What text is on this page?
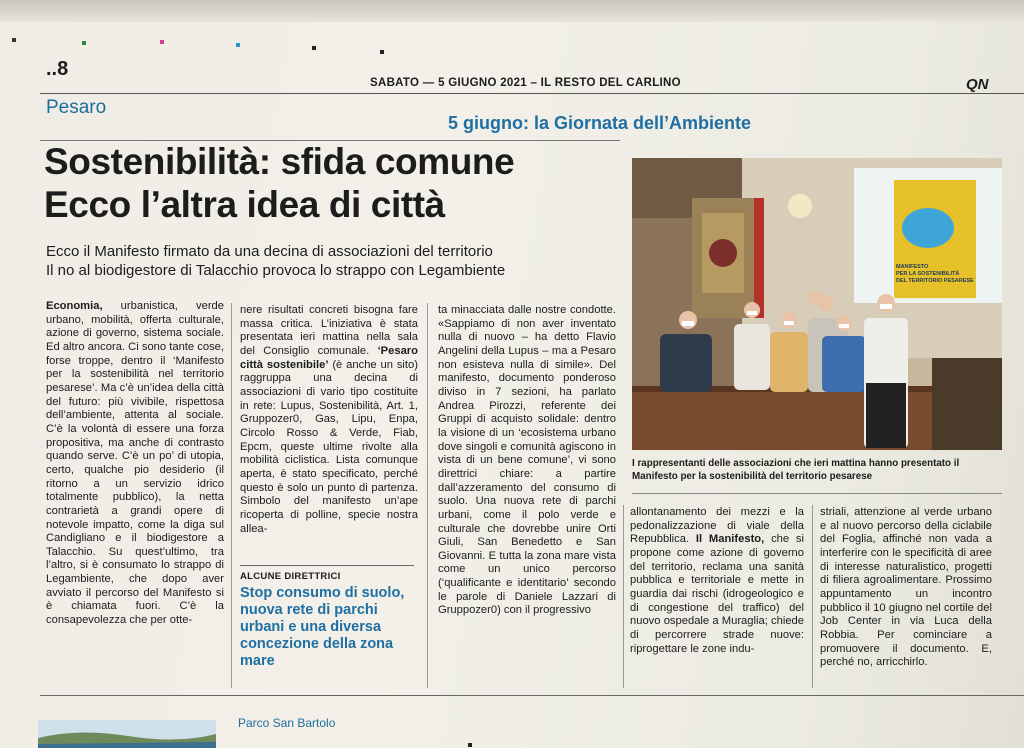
..8
SABATO — 5 GIUGNO 2021 – IL RESTO DEL CARLINO	QN
Pesaro
5 giugno: la Giornata dell’Ambiente
Sostenibilità: sfida comune
Ecco l’altra idea di città
Ecco il Manifesto firmato da una decina di associazioni del territorio
Il no al biodigestore di Talacchio provoca lo strappo con Legambiente

Economia, urbanistica, verde urbano, mobilità, offerta culturale, azione di governo, sistema sociale. Ed altro ancora. Ci sono tante cose, forse troppe, dentro il ‘Manifesto per la sostenibilità nel territorio pesarese’. Ma c’è un’idea della città del futuro: più vivibile, rispettosa dell’ambiente, attenta al sociale. C’è la volontà di essere una forza propositiva, ma anche di contrasto quando serve. C’è un po’ di utopia, certo, qualche pio desiderio (il ritorno a un servizio idrico totalmente pubblico), la netta contrarietà a grandi opere di notevole impatto, come la diga sul Candigliano e il biodigestore a Talacchio. Su quest’ultimo, tra l’altro, si è consumato lo strappo di Legambiente, che dopo aver avviato il percorso del Manifesto si è chiamata fuori. C’è la consapevolezza che per otte-

nere risultati concreti bisogna fare massa critica. L’iniziativa è stata presentata ieri mattina nella sala del Consiglio comunale. ‘Pesaro città sostenibile’ (è anche un sito) raggruppa una decina di associazioni di vario tipo costituite in rete: Lupus, Sostenibilità, Art. 1, Gruppozer0, Gas, Lipu, Enpa, Circolo Rosso & Verde, Fiab, Epcm, queste ultime rivolte alla mobilità ciclistica. Lista comunque aperta, è stato specificato, perché questo è solo un punto di partenza. Simbolo del manifesto un’ape ricoperta di polline, specie nostra allea-

ALCUNE DIRETTRICI
Stop consumo di suolo, nuova rete di parchi urbani e una diversa concezione della zona mare

ta minacciata dalle nostre condotte. «Sappiamo di non aver inventato nulla di nuovo – ha detto Flavio Angelini della Lupus – ma a Pesaro non esisteva nulla di simile». Del manifesto, documento ponderoso diviso in 7 sezioni, ha parlato Andrea Pirozzi, referente dei Gruppi di acquisto solidale: dentro la visione di un ‘ecosistema urbano dove singoli e comunità agiscono in vista di un bene comune’, vi sono direttrici chiare: a partire dall’azzeramento del consumo di suolo. Una nuova rete di parchi urbani, come il polo verde e culturale che dovrebbe unire Orti Giuli, San Benedetto e San Giovanni. E tutta la zona mare vista come un unico percorso (‘qualificante e identitario’ secondo le parole di Daniele Lazzari di Gruppozer0) con il progressivo

MANIFESTO PER LA SOSTENIBILITÀ DEL TERRITORIO PESARESE
I rappresentanti delle associazioni che ieri mattina hanno presentato il Manifesto per la sostenibilità del territorio pesarese

allontanamento dei mezzi e la pedonalizzazione di viale della Repubblica. Il Manifesto, che si propone come azione di governo del territorio, reclama una sanità pubblica e territoriale e mette in guardia dai rischi (idrogeologico e di congestione del traffico) del nuovo ospedale a Muraglia; chiede di percorrere strade nuove: riprogettare le zone indu-

striali, attenzione al verde urbano e al nuovo percorso della ciclabile del Foglia, affinché non vada a interferire con le specificità di aree di interesse naturalistico, progetti di filiera agroalimentare. Prossimo appuntamento un incontro pubblico il 10 giugno nel cortile del Job Center in via Luca della Robbia. Per cominciare a promuovere il documento. E, perché no, arricchirlo.

Parco San Bartolo
